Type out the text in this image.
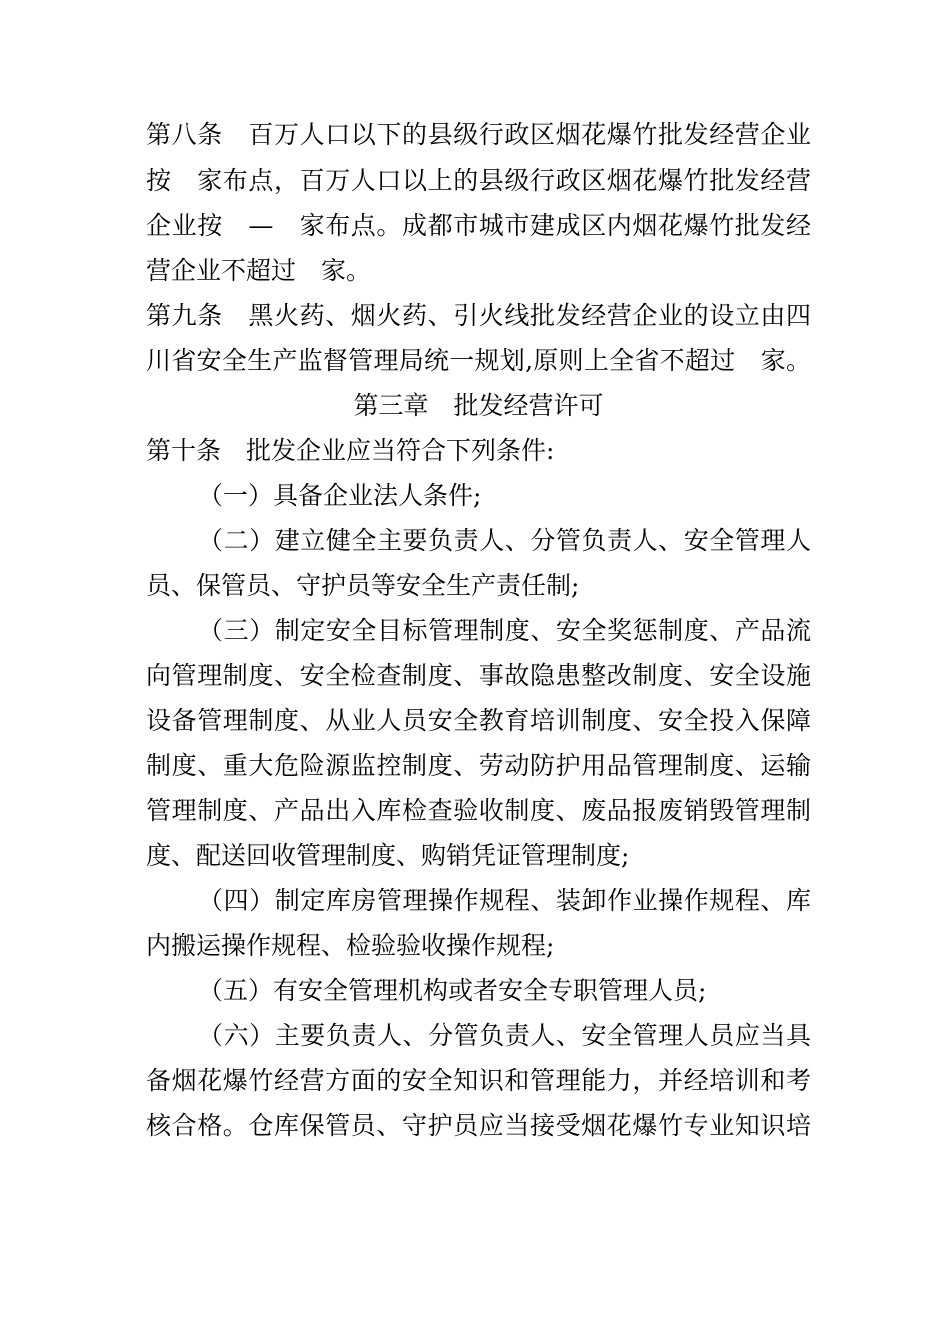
第八条　百万人口以下的县级行政区烟花爆竹批发经营企业
按　家布点，百万人口以上的县级行政区烟花爆竹批发经营
企业按　—　家布点。成都市城市建成区内烟花爆竹批发经
营企业不超过　家。
第九条　黑火药、烟火药、引火线批发经营企业的设立由四
川省安全生产监督管理局统一规划,原则上全省不超过　家。
第三章　批发经营许可
第十条　批发企业应当符合下列条件:
（一）具备企业法人条件;
（二）建立健全主要负责人、分管负责人、安全管理人
员、保管员、守护员等安全生产责任制;
（三）制定安全目标管理制度、安全奖惩制度、产品流
向管理制度、安全检查制度、事故隐患整改制度、安全设施
设备管理制度、从业人员安全教育培训制度、安全投入保障
制度、重大危险源监控制度、劳动防护用品管理制度、运输
管理制度、产品出入库检查验收制度、废品报废销毁管理制
度、配送回收管理制度、购销凭证管理制度;
（四）制定库房管理操作规程、装卸作业操作规程、库
内搬运操作规程、检验验收操作规程;
（五）有安全管理机构或者安全专职管理人员;
（六）主要负责人、分管负责人、安全管理人员应当具
备烟花爆竹经营方面的安全知识和管理能力，并经培训和考
核合格。仓库保管员、守护员应当接受烟花爆竹专业知识培
